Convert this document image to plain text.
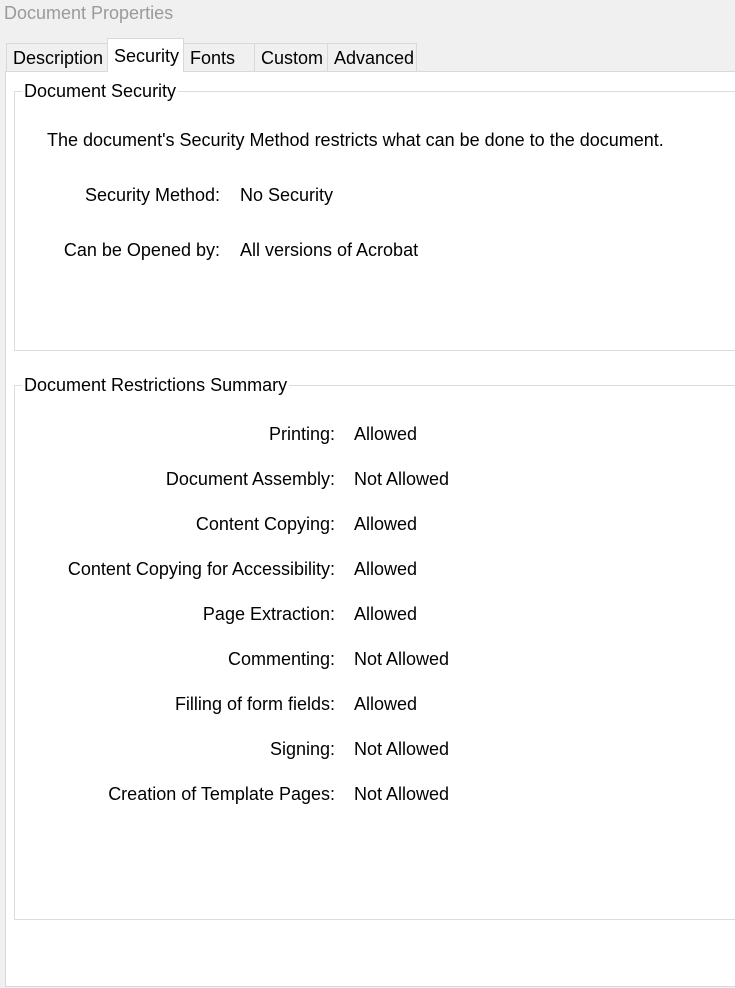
Document Properties
Description Security Fonts	Custom Advanced
Document Security
The document's Security Method restricts what can be done to the document.
Security Method: No Security
Can be Opened by: All versions of Acrobat
Document Restrictions Summary
Printing: Allowed
Document Assembly: Not Allowed
Content Copying: Allowed
Content Copying for Accessibility: Allowed
Page Extraction: Allowed
Commenting: Not Allowed
Filling of form fields: Allowed
Signing: Not Allowed
Creation of Template Pages: Not Allowed
